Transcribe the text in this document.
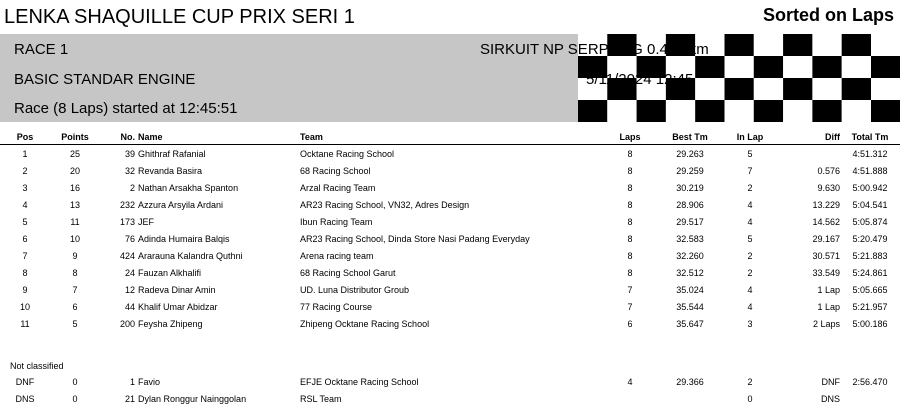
LENKA SHAQUILLE CUP PRIX SERI 1	Sorted on Laps
RACE 1
BASIC STANDAR ENGINE
Race (8 Laps) started at 12:45:51
SIRKUIT NP SERPONG 0.400 km
5/11/2024 12:45
Pos	Points	No.	Name	Team	Laps	Best Tm	In Lap	Diff	Total Tm
1	25	39	Ghithraf Rafanial	Ocktane Racing School	8	29.263	5		4:51.312
2	20	32	Revanda Basira	68 Racing School	8	29.259	7	0.576	4:51.888
3	16	2	Nathan Arsakha Spanton	Arzal Racing Team	8	30.219	2	9.630	5:00.942
4	13	232	Azzura Arsyila Ardani	AR23 Racing School, VN32, Adres Design	8	28.906	4	13.229	5:04.541
5	11	173	JEF	Ibun Racing Team	8	29.517	4	14.562	5:05.874
6	10	76	Adinda Humaira Balqis	AR23 Racing School, Dinda Store Nasi Padang Everyday	8	32.583	5	29.167	5:20.479
7	9	424	Ararauna Kalandra Quthni	Arena racing team	8	32.260	2	30.571	5:21.883
8	8	24	Fauzan Alkhalifi	68 Racing School Garut	8	32.512	2	33.549	5:24.861
9	7	12	Radeva Dinar Amin	UD. Luna Distributor Groub	7	35.024	4	1 Lap	5:05.665
10	6	44	Khalif Umar Abidzar	77 Racing Course	7	35.544	4	1 Lap	5:21.957
11	5	200	Feysha Zhipeng	Zhipeng Ocktane Racing School	6	35.647	3	2 Laps	5:00.186
Not classified
DNF	0	1	Favio	EFJE Ocktane Racing School	4	29.366	2	DNF	2:56.470
DNS	0	21	Dylan Ronggur Nainggolan	RSL Team			0	DNS	
